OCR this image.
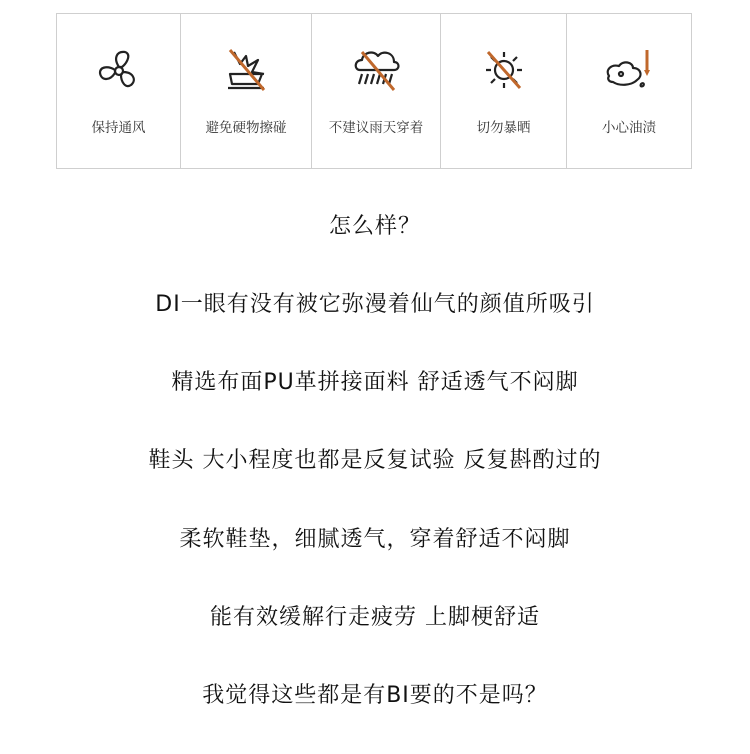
保持通风	避免硬物擦碰	不建议雨天穿着	切勿暴晒	小心油渍
怎么样？
DI一眼有没有被它弥漫着仙气的颜值所吸引
精选布面PU革拼接面料 舒适透气不闷脚
鞋头 大小程度也都是反复试验 反复斟酌过的
柔软鞋垫，细腻透气，穿着舒适不闷脚
能有效缓解行走疲劳 上脚梗舒适
我觉得这些都是有BI要的不是吗？
